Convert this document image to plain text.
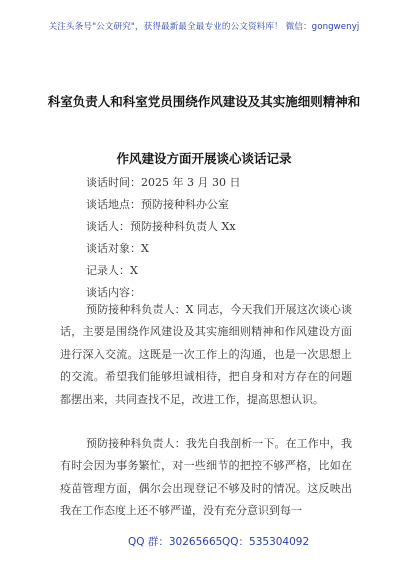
关注头条号"公文研究"，获得最新最全最专业的公文资料库！ 微信：gongwenyj
科室负责人和科室党员围绕作风建设及其实施细则精神和
作风建设方面开展谈心谈话记录
谈话时间：2025 年 3 月 30 日
谈话地点：预防接种科办公室
谈话人：预防接种科负责人 Xx
谈话对象：X
记录人：X
谈话内容：
预防接种科负责人：X 同志，今天我们开展这次谈心谈话，主要是围绕作风建设及其实施细则精神和作风建设方面进行深入交流。这既是一次工作上的沟通，也是一次思想上的交流。希望我们能够坦诚相待，把自身和对方存在的问题都摆出来，共同查找不足，改进工作，提高思想认识。
预防接种科负责人：我先自我剖析一下。在工作中，我有时会因为事务繁忙，对一些细节的把控不够严格，比如在疫苗管理方面，偶尔会出现登记不够及时的情况。这反映出我在工作态度上还不够严谨，没有充分意识到每一
QQ 群：30265665 QQ：535304092
